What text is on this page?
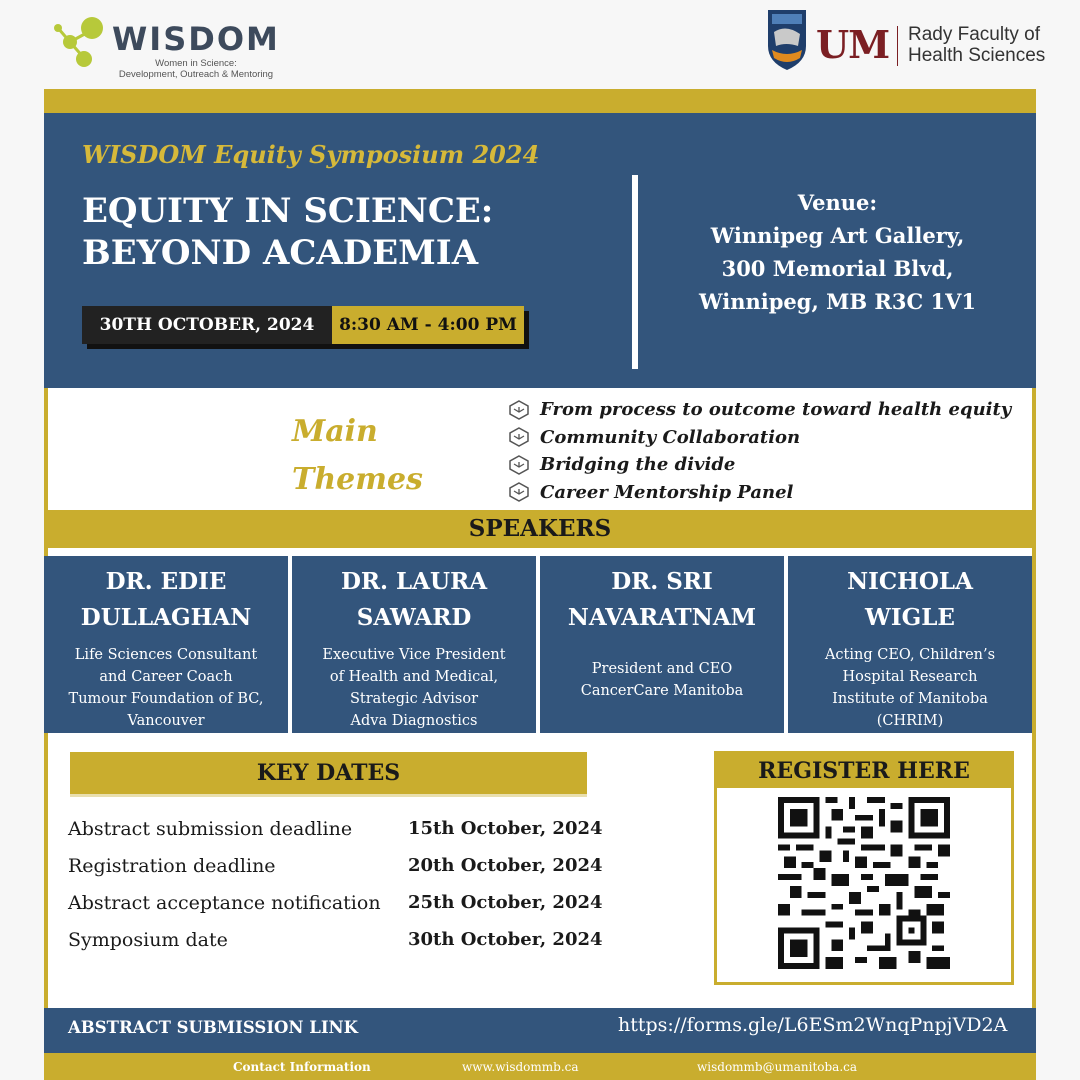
WISDOM
Women in Science:
Development, Outreach & Mentoring
UM Rady Faculty of
Health Sciences
WISDOM Equity Symposium 2024
EQUITY IN SCIENCE:
BEYOND ACADEMIA
30TH OCTOBER, 2024	8:30 AM - 4:00 PM
Venue:
Winnipeg Art Gallery,
300 Memorial Blvd,
Winnipeg, MB R3C 1V1
Main
Themes
From process to outcome toward health equity
Community Collaboration
Bridging the divide
Career Mentorship Panel
SPEAKERS
DR. EDIE
DULLAGHAN
Life Sciences Consultant
and Career Coach
Tumour Foundation of BC,
Vancouver
DR. LAURA
SAWARD
Executive Vice President
of Health and Medical,
Strategic Advisor
Adva Diagnostics
DR. SRI
NAVARATNAM
President and CEO
CancerCare Manitoba
NICHOLA
WIGLE
Acting CEO, Children’s
Hospital Research
Institute of Manitoba
(CHRIM)
KEY DATES
Abstract submission deadline	15th October, 2024
Registration deadline	20th October, 2024
Abstract acceptance notification	25th October, 2024
Symposium date	30th October, 2024
REGISTER HERE
ABSTRACT SUBMISSION LINK	https://forms.gle/L6ESm2WnqPnpjVD2A
Contact Information	www.wisdommb.ca	wisdommb@umanitoba.ca
